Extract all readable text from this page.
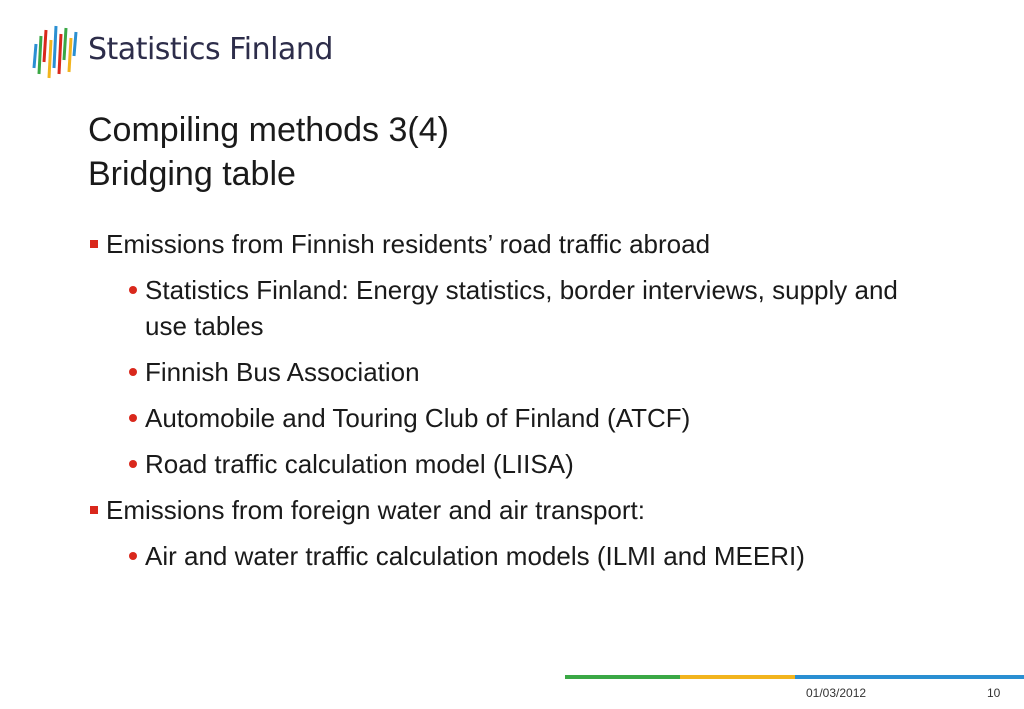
Statistics Finland
Compiling methods 3(4)
Bridging table
Emissions from Finnish residents’ road traffic abroad
Statistics Finland: Energy statistics, border interviews, supply and use tables
Finnish Bus Association
Automobile and Touring Club of Finland (ATCF)
Road traffic calculation model (LIISA)
Emissions from foreign water and air transport:
Air and water traffic calculation models (ILMI and MEERI)
01/03/2012	10
